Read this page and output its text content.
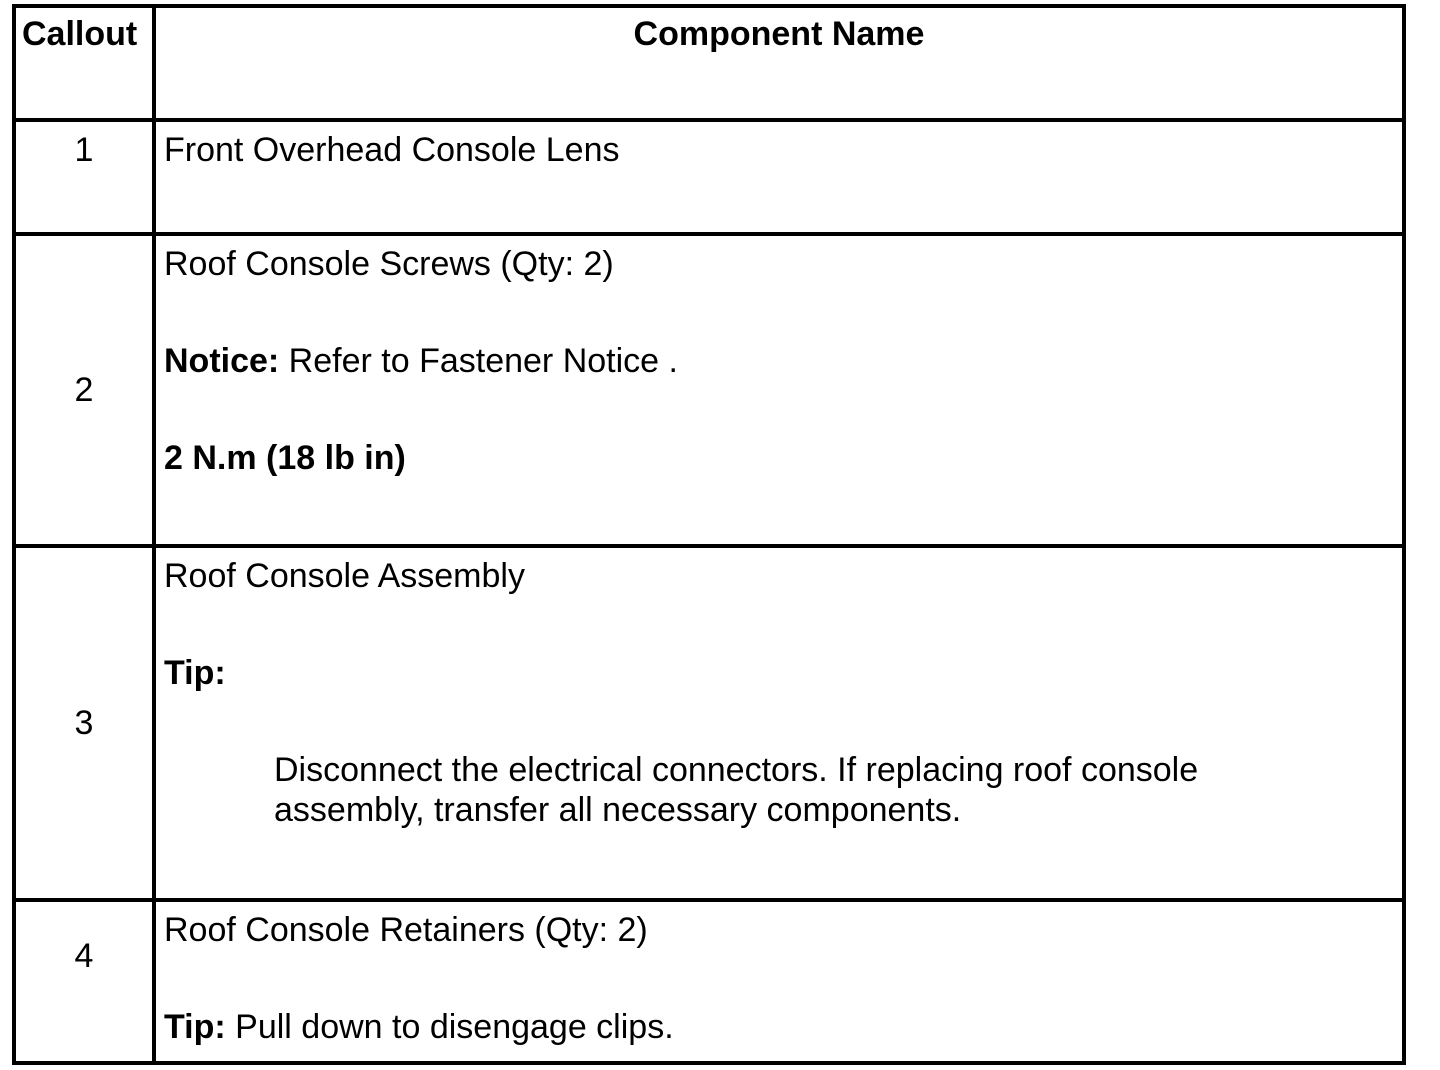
Callout	Component Name
1	Front Overhead Console Lens

2	Roof Console Screws (Qty: 2)

Notice: Refer to Fastener Notice .

2 N.m (18 lb in)

3	Roof Console Assembly

Tip:

Disconnect the electrical connectors. If replacing roof console assembly, transfer all necessary components.

4	Roof Console Retainers (Qty: 2)

Tip: Pull down to disengage clips.
